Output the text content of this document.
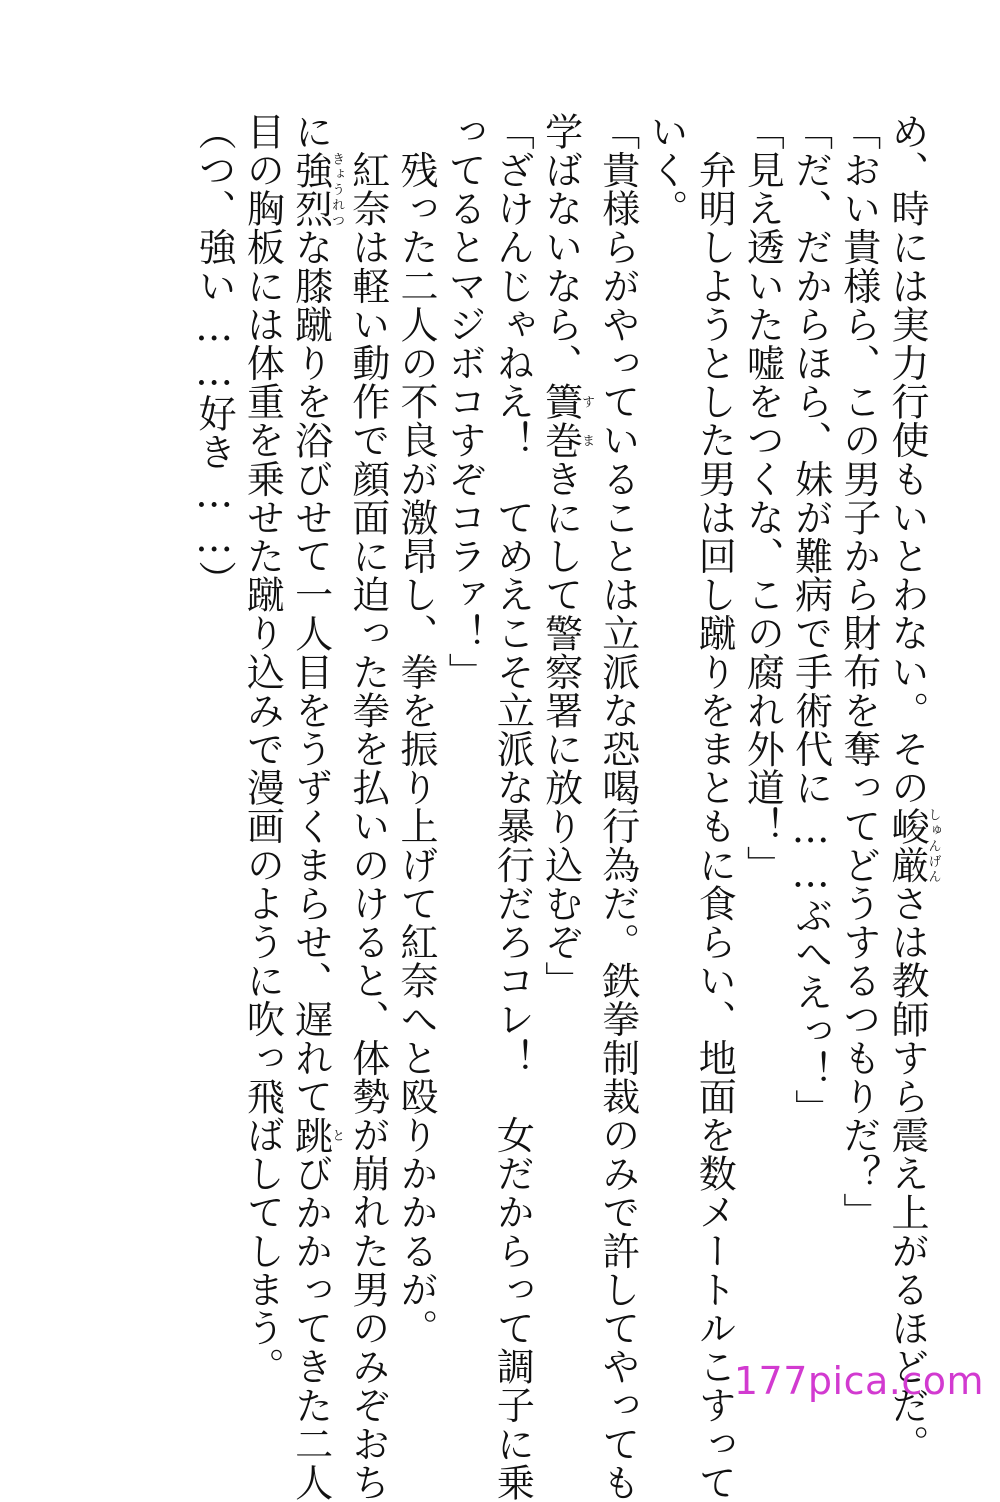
め、時には実力行使もいとわない。その峻厳しゅんげんさは教師すら震え上がるほどだ。

「おい貴様ら、この男子から財布を奪ってどうするつもりだ？」

「だ、だからほら、妹が難病で手術代に……ぶへえっ！」

「見え透いた嘘をつくな、この腐れ外道！」

　弁明しようとした男は回し蹴りをまともに食らい、地面を数メートルこすって

いく。

「貴様らがやっていることは立派な恐喝行為だ。鉄拳制裁のみで許してやっても

学ばないなら、簀す巻まきにして警察署に放り込むぞ」

「ざけんじゃねえ！　てめえこそ立派な暴行だろコレ！　女だからって調子に乗

ってるとマジボコすぞコラァ！」

　残った二人の不良が激昂し、拳を振り上げて紅奈へと殴りかかるが。

　紅奈は軽い動作で顔面に迫った拳を払いのけると、体勢が崩れた男のみぞおち

に強烈きょうれつな膝蹴りを浴びせて一人目をうずくまらせ、遅れて跳とびかかってきた二人

目の胸板には体重を乗せた蹴り込みで漫画のように吹っ飛ばしてしまう。

（つ、強い……好き……）

177pica.com
